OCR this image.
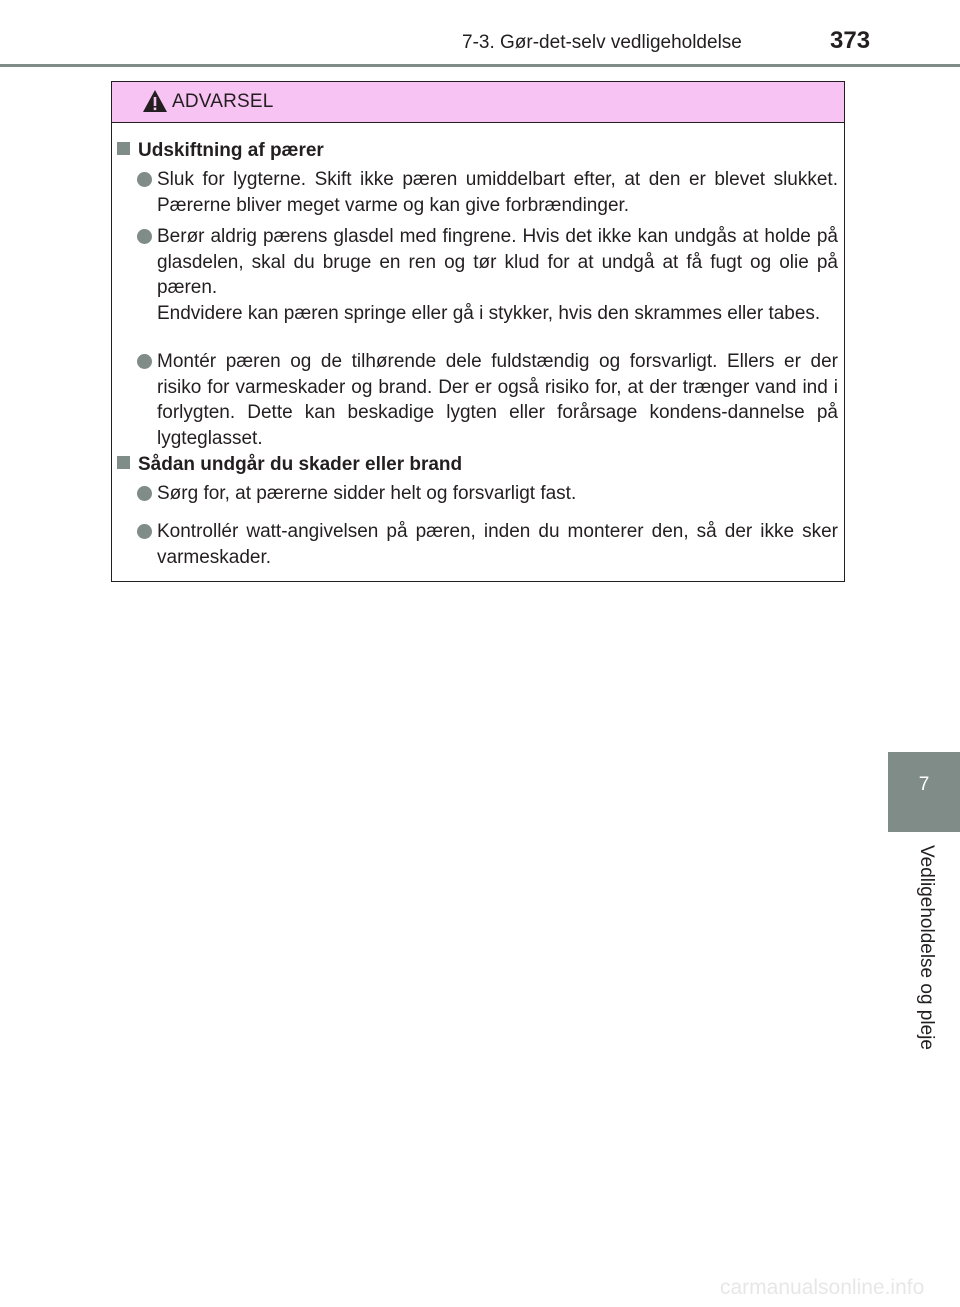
7-3. Gør-det-selv vedligeholdelse	373
ADVARSEL
Udskiftning af pærer

Sluk for lygterne. Skift ikke pæren umiddelbart efter, at den er blevet slukket. Pærerne bliver meget varme og kan give forbrændinger.

Berør aldrig pærens glasdel med fingrene. Hvis det ikke kan undgås at holde på glasdelen, skal du bruge en ren og tør klud for at undgå at få fugt og olie på pæren.

Endvidere kan pæren springe eller gå i stykker, hvis den skrammes eller tabes.

Montér pæren og de tilhørende dele fuldstændig og forsvarligt. Ellers er der risiko for varmeskader og brand. Der er også risiko for, at der trænger vand ind i forlygten. Dette kan beskadige lygten eller forårsage kondens-dannelse på lygteglasset.

Sådan undgår du skader eller brand

Sørg for, at pærerne sidder helt og forsvarligt fast.

Kontrollér watt-angivelsen på pæren, inden du monterer den, så der ikke sker varmeskader.

7
Vedligeholdelse og pleje
carmanualsonline.info
